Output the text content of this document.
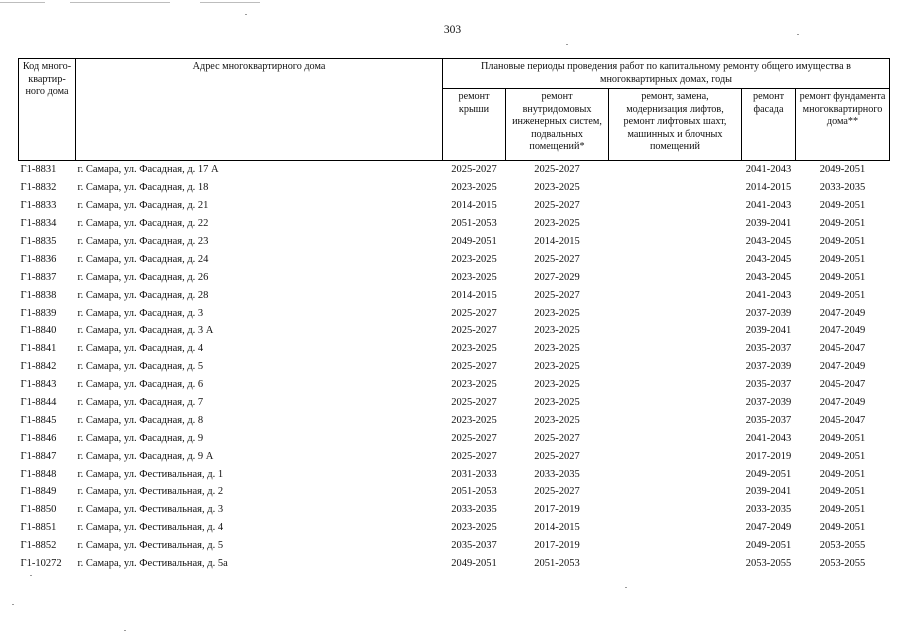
303
Код много-
квартир-
ного дома	Адрес многоквартирного дома	Плановые периоды проведения работ по капитальному ремонту общего имущества в многоквартирных домах, годы				
		ремонт крыши	ремонт внутридомовых инженерных систем, подвальных помещений*	ремонт, замена, модернизация лифтов, ремонт лифтовых шахт, машинных и блочных помещений	ремонт фасада	ремонт фундамента многоквартирного дома**
Г1-8831	г. Самара, ул. Фасадная, д. 17 А	2025-2027	2025-2027		2041-2043	2049-2051
Г1-8832	г. Самара, ул. Фасадная, д. 18	2023-2025	2023-2025		2014-2015	2033-2035
Г1-8833	г. Самара, ул. Фасадная, д. 21	2014-2015	2025-2027		2041-2043	2049-2051
Г1-8834	г. Самара, ул. Фасадная, д. 22	2051-2053	2023-2025		2039-2041	2049-2051
Г1-8835	г. Самара, ул. Фасадная, д. 23	2049-2051	2014-2015		2043-2045	2049-2051
Г1-8836	г. Самара, ул. Фасадная, д. 24	2023-2025	2025-2027		2043-2045	2049-2051
Г1-8837	г. Самара, ул. Фасадная, д. 26	2023-2025	2027-2029		2043-2045	2049-2051
Г1-8838	г. Самара, ул. Фасадная, д. 28	2014-2015	2025-2027		2041-2043	2049-2051
Г1-8839	г. Самара, ул. Фасадная, д. 3	2025-2027	2023-2025		2037-2039	2047-2049
Г1-8840	г. Самара, ул. Фасадная, д. 3 А	2025-2027	2023-2025		2039-2041	2047-2049
Г1-8841	г. Самара, ул. Фасадная, д. 4	2023-2025	2023-2025		2035-2037	2045-2047
Г1-8842	г. Самара, ул. Фасадная, д. 5	2025-2027	2023-2025		2037-2039	2047-2049
Г1-8843	г. Самара, ул. Фасадная, д. 6	2023-2025	2023-2025		2035-2037	2045-2047
Г1-8844	г. Самара, ул. Фасадная, д. 7	2025-2027	2023-2025		2037-2039	2047-2049
Г1-8845	г. Самара, ул. Фасадная, д. 8	2023-2025	2023-2025		2035-2037	2045-2047
Г1-8846	г. Самара, ул. Фасадная, д. 9	2025-2027	2025-2027		2041-2043	2049-2051
Г1-8847	г. Самара, ул. Фасадная, д. 9 А	2025-2027	2025-2027		2017-2019	2049-2051
Г1-8848	г. Самара, ул. Фестивальная, д. 1	2031-2033	2033-2035		2049-2051	2049-2051
Г1-8849	г. Самара, ул. Фестивальная, д. 2	2051-2053	2025-2027		2039-2041	2049-2051
Г1-8850	г. Самара, ул. Фестивальная, д. 3	2033-2035	2017-2019		2033-2035	2049-2051
Г1-8851	г. Самара, ул. Фестивальная, д. 4	2023-2025	2014-2015		2047-2049	2049-2051
Г1-8852	г. Самара, ул. Фестивальная, д. 5	2035-2037	2017-2019		2049-2051	2053-2055
Г1-10272	г. Самара, ул. Фестивальная, д. 5а	2049-2051	2051-2053		2053-2055	2053-2055
